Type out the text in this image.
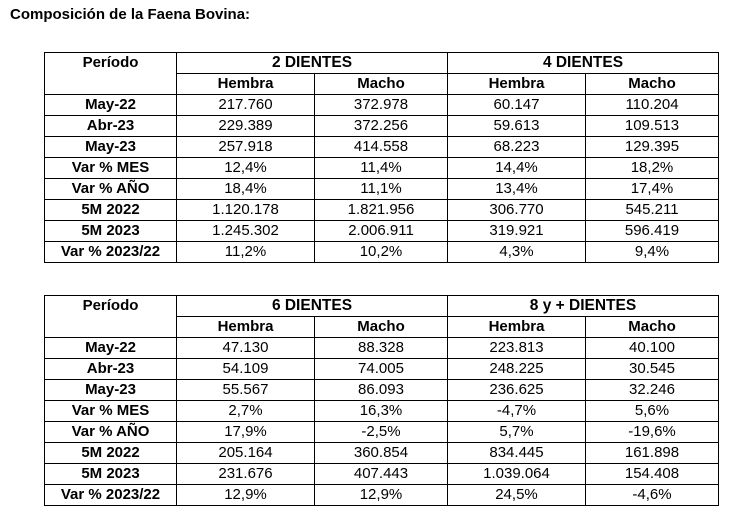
Composición de la Faena Bovina:
Período	2 DIENTES		4 DIENTES	
	Hembra	Macho	Hembra	Macho
May-22	217.760	372.978	60.147	110.204
Abr-23	229.389	372.256	59.613	109.513
May-23	257.918	414.558	68.223	129.395
Var % MES	12,4%	11,4%	14,4%	18,2%
Var % AÑO	18,4%	11,1%	13,4%	17,4%
5M 2022	1.120.178	1.821.956	306.770	545.211
5M 2023	1.245.302	2.006.911	319.921	596.419
Var % 2023/22	11,2%	10,2%	4,3%	9,4%
Período	6 DIENTES		8 y + DIENTES	
	Hembra	Macho	Hembra	Macho
May-22	47.130	88.328	223.813	40.100
Abr-23	54.109	74.005	248.225	30.545
May-23	55.567	86.093	236.625	32.246
Var % MES	2,7%	16,3%	-4,7%	5,6%
Var % AÑO	17,9%	-2,5%	5,7%	-19,6%
5M 2022	205.164	360.854	834.445	161.898
5M 2023	231.676	407.443	1.039.064	154.408
Var % 2023/22	12,9%	12,9%	24,5%	-4,6%
